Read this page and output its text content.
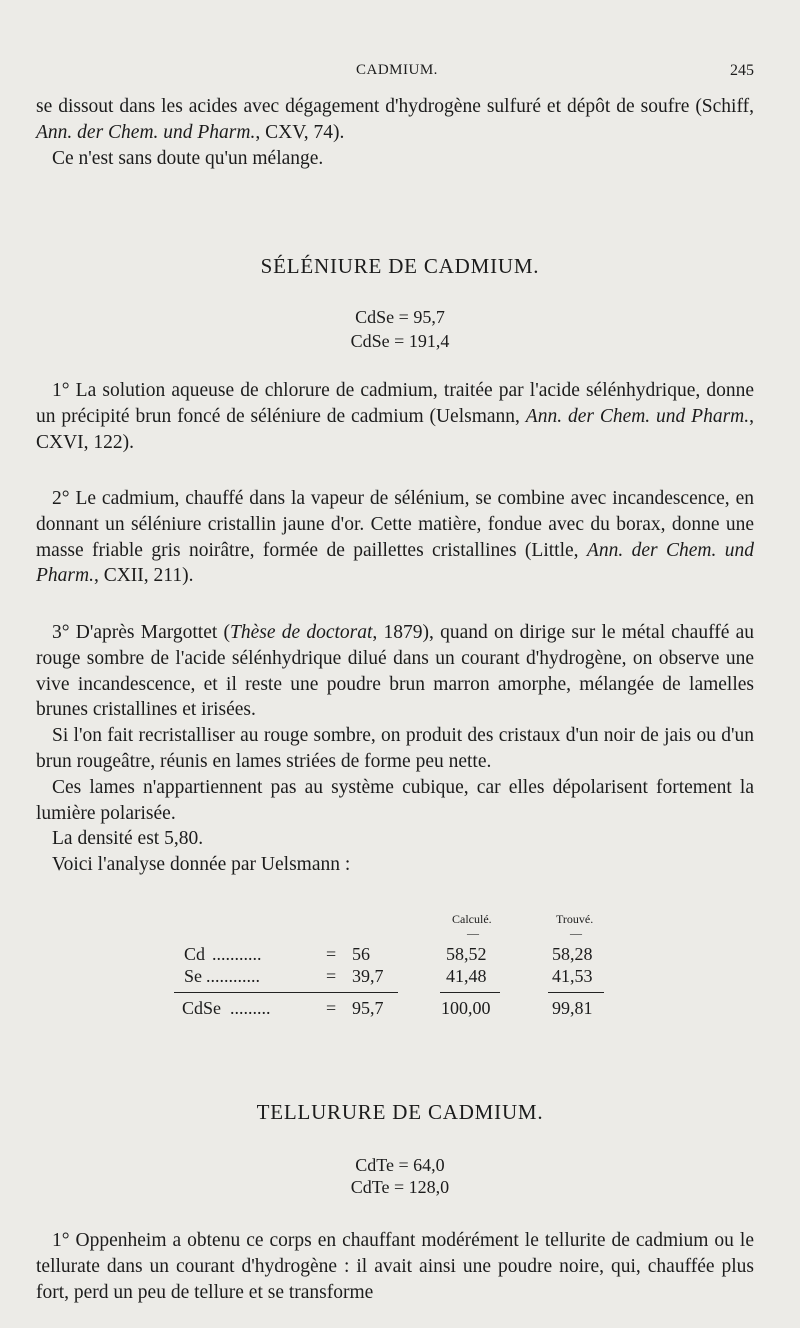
CADMIUM.	245

se dissout dans les acides avec dégagement d'hydrogène sulfuré et dépôt de soufre (Schiff, Ann. der Chem. und Pharm., CXV, 74).

Ce n'est sans doute qu'un mélange.

SÉLÉNIURE DE CADMIUM.
CdSe = 95,7
CdSe = 191,4

1° La solution aqueuse de chlorure de cadmium, traitée par l'acide sélénhydrique, donne un précipité brun foncé de séléniure de cadmium (Uelsmann, Ann. der Chem. und Pharm., CXVI, 122).

2° Le cadmium, chauffé dans la vapeur de sélénium, se combine avec incandescence, en donnant un séléniure cristallin jaune d'or. Cette matière, fondue avec du borax, donne une masse friable gris noirâtre, formée de paillettes cristallines (Little, Ann. der Chem. und Pharm., CXII, 211).

3° D'après Margottet (Thèse de doctorat, 1879), quand on dirige sur le métal chauffé au rouge sombre de l'acide sélénhydrique dilué dans un courant d'hydrogène, on observe une vive incandescence, et il reste une poudre brun marron amorphe, mélangée de lamelles brunes cristallines et irisées.

Si l'on fait recristalliser au rouge sombre, on produit des cristaux d'un noir de jais ou d'un brun rougeâtre, réunis en lames striées de forme peu nette.

Ces lames n'appartiennent pas au système cubique, car elles dépolarisent fortement la lumière polarisée.

La densité est 5,80.

Voici l'analyse donnée par Uelsmann :

Calculé.	Trouvé.
—	—
Cd ...........	= 56	58,52	58,28
Se ............	= 39,7	41,48	41,53
CdSe .........	= 95,7	100,00	99,81
TELLURURE DE CADMIUM.
CdTe = 64,0
CdTe = 128,0

1° Oppenheim a obtenu ce corps en chauffant modérément le tellurite de cadmium ou le tellurate dans un courant d'hydrogène : il avait ainsi une poudre noire, qui, chauffée plus fort, perd un peu de tellure et se transforme
